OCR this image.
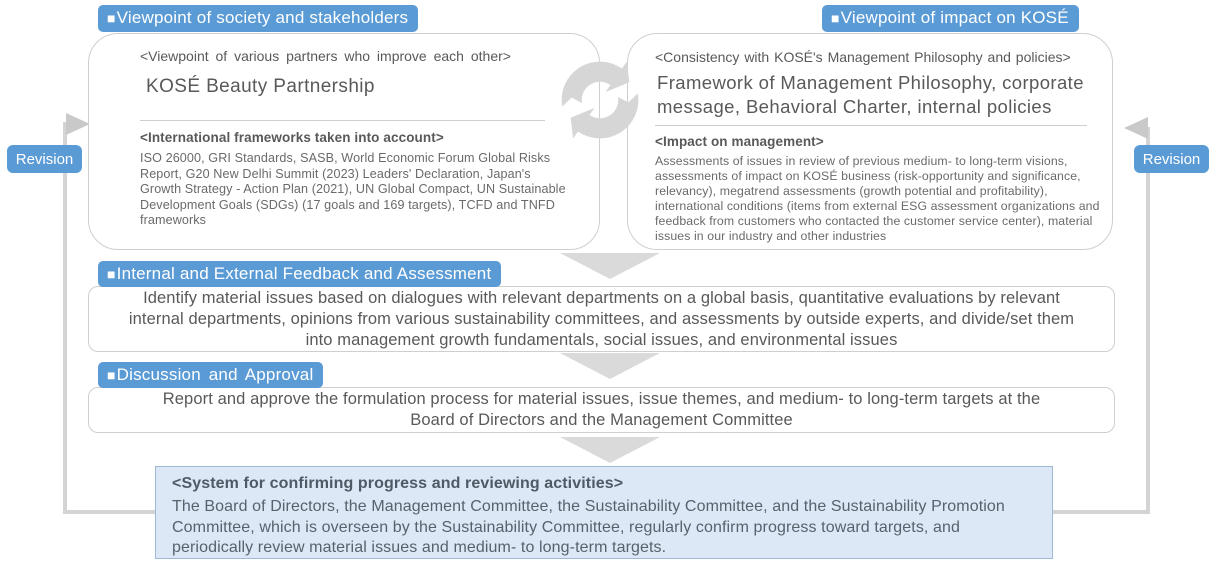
■ Viewpoint of society and stakeholders	■ Viewpoint of impact on KOSÉ
Revision	Revision
<Viewpoint of various partners who improve each other>
KOSÉ Beauty Partnership
<International frameworks taken into account>
ISO 26000, GRI Standards, SASB, World Economic Forum Global Risks Report, G20 New Delhi Summit (2023) Leaders' Declaration, Japan's Growth Strategy - Action Plan (2021), UN Global Compact, UN Sustainable Development Goals (SDGs) (17 goals and 169 targets), TCFD and TNFD frameworks
<Consistency with KOSÉ's Management Philosophy and policies>
Framework of Management Philosophy, corporate message, Behavioral Charter, internal policies
<Impact on management>
Assessments of issues in review of previous medium- to long-term visions, assessments of impact on KOSÉ business (risk-opportunity and significance, relevancy), megatrend assessments (growth potential and profitability), international conditions (items from external ESG assessment organizations and feedback from customers who contacted the customer service center), material issues in our industry and other industries
■ Internal and External Feedback and Assessment
Identify material issues based on dialogues with relevant departments on a global basis, quantitative evaluations by relevant internal departments, opinions from various sustainability committees, and assessments by outside experts, and divide/set them into management growth fundamentals, social issues, and environmental issues
■ Discussion and Approval
Report and approve the formulation process for material issues, issue themes, and medium- to long-term targets at the Board of Directors and the Management Committee
<System for confirming progress and reviewing activities>
The Board of Directors, the Management Committee, the Sustainability Committee, and the Sustainability Promotion Committee, which is overseen by the Sustainability Committee, regularly confirm progress toward targets, and periodically review material issues and medium- to long-term targets.
